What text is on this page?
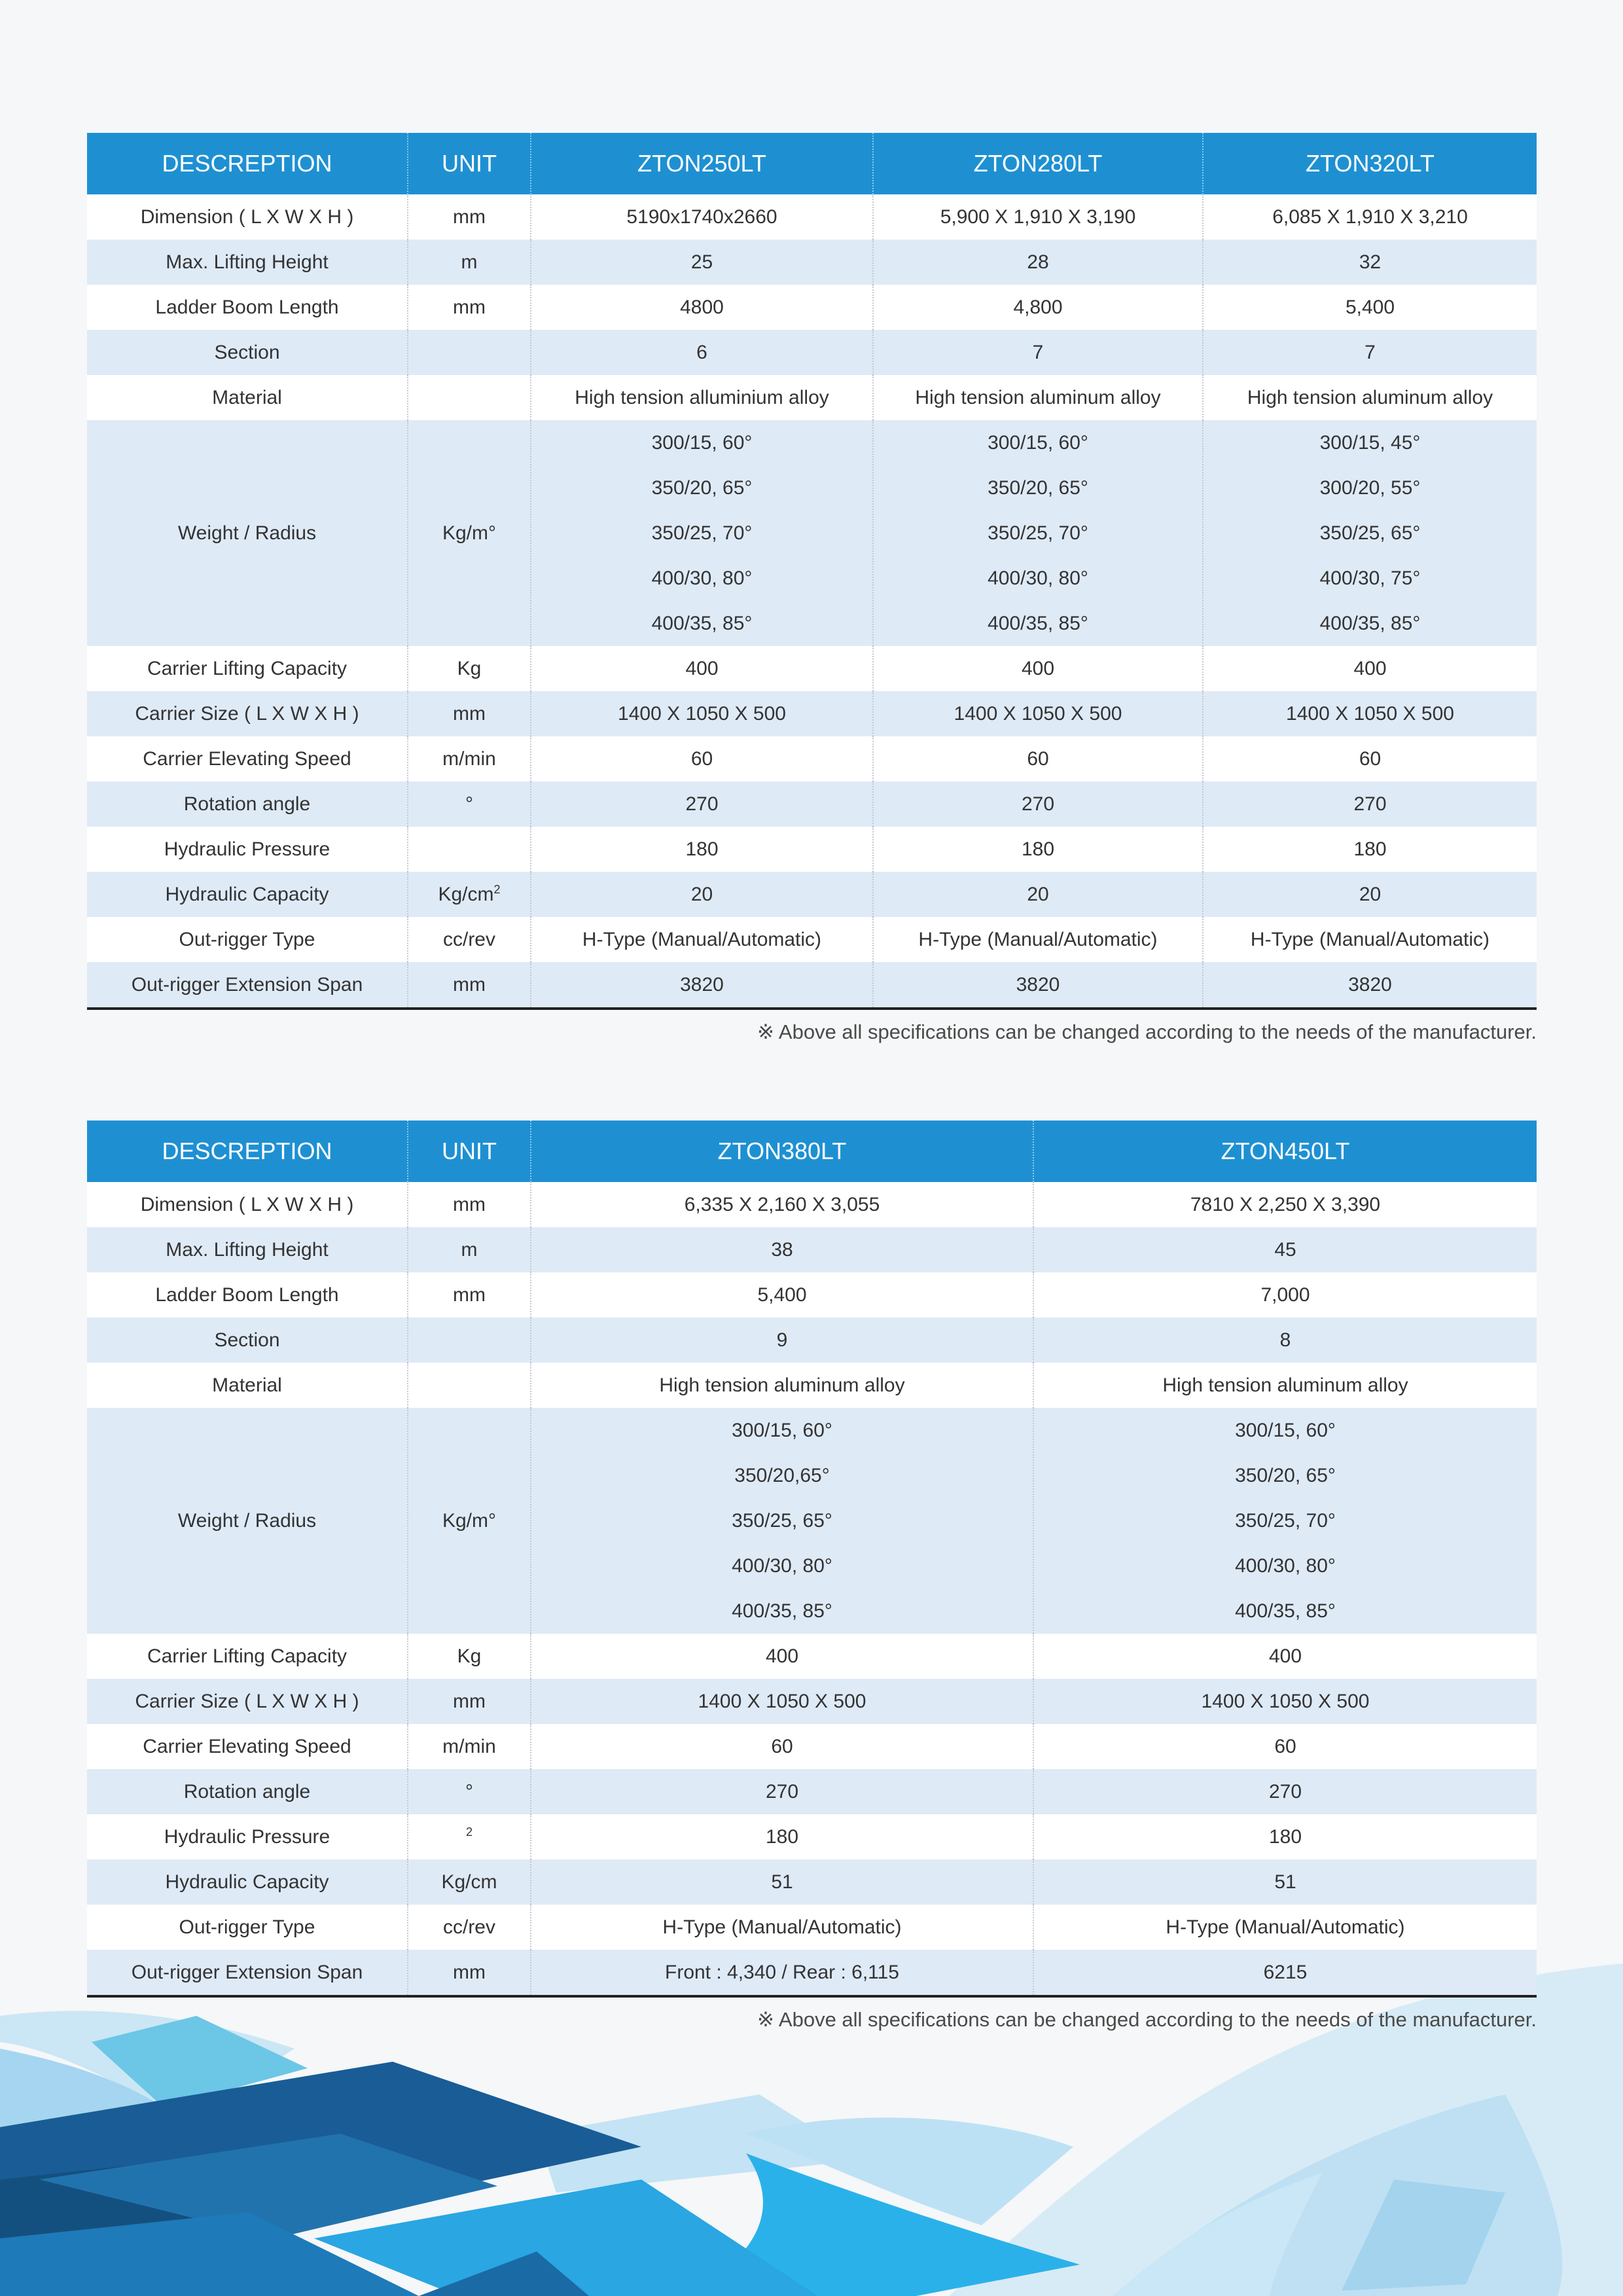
DESCREPTION	UNIT	ZTON250LT	ZTON280LT	ZTON320LT
Dimension ( L X W X H )	mm	5190x1740x2660	5,900 X 1,910 X 3,190	6,085 X 1,910 X 3,210
Max. Lifting Height	m	25	28	32
Ladder Boom Length	mm	4800	4,800	5,400
Section		6	7	7
Material		High tension alluminium alloy	High tension aluminum alloy	High tension aluminum alloy
Weight / Radius	Kg/m°	300/15, 60°
350/20, 65°
350/25, 70°
400/30, 80°
400/35, 85°	300/15, 60°
350/20, 65°
350/25, 70°
400/30, 80°
400/35, 85°	300/15, 45°
300/20, 55°
350/25, 65°
400/30, 75°
400/35, 85°

Carrier Lifting Capacity	Kg	400	400	400
Carrier Size ( L X W X H )	mm	1400 X 1050 X 500	1400 X 1050 X 500	1400 X 1050 X 500
Carrier Elevating Speed	m/min	60	60	60
Rotation angle	°	270	270	270
Hydraulic Pressure		180	180	180
Hydraulic Capacity	$Kg/cm^2$	20	20	20
Out-rigger Type	cc/rev	H-Type (Manual/Automatic)	H-Type (Manual/Automatic)	H-Type (Manual/Automatic)
Out-rigger Extension Span	mm	3820	3820	3820
※ Above all specifications can be changed according to the needs of the manufacturer.
DESCREPTION	UNIT	ZTON380LT	ZTON450LT
Dimension ( L X W X H )	mm	6,335 X 2,160 X 3,055	7810 X 2,250 X 3,390
Max. Lifting Height	m	38	45
Ladder Boom Length	mm	5,400	7,000
Section		9	8
Material		High tension aluminum alloy	High tension aluminum alloy
Weight / Radius	Kg/m°	300/15, 60°
350/20,65°
350/25, 65°
400/30, 80°
400/35, 85°	300/15, 60°
350/20, 65°
350/25, 70°
400/30, 80°
400/35, 85°

Carrier Lifting Capacity	Kg	400	400
Carrier Size ( L X W X H )	mm	1400 X 1050 X 500	1400 X 1050 X 500
Carrier Elevating Speed	m/min	60	60
Rotation angle	°	270	270
Hydraulic Pressure	$^2$	180	180
Hydraulic Capacity	Kg/cm	51	51
Out-rigger Type	cc/rev	H-Type (Manual/Automatic)	H-Type (Manual/Automatic)
Out-rigger Extension Span	mm	Front : 4,340 / Rear : 6,115	6215
※ Above all specifications can be changed according to the needs of the manufacturer.
